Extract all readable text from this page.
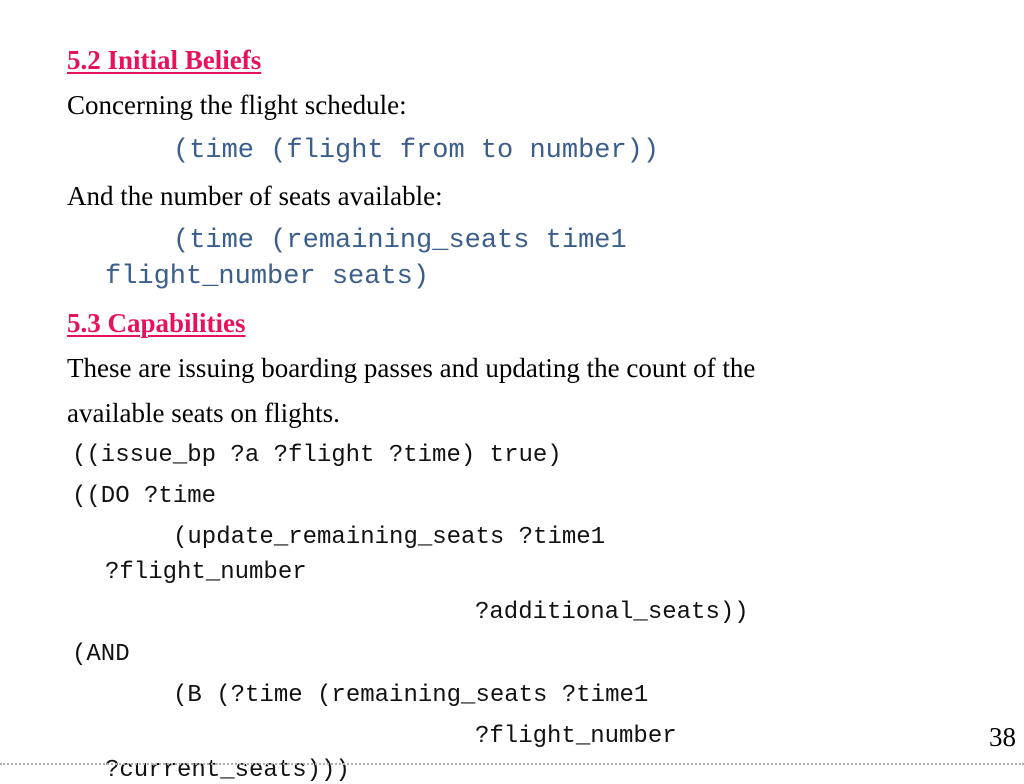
5.2 Initial Beliefs
Concerning the flight schedule:
(time (flight from to number))
And the number of seats available:
(time (remaining_seats time1
flight_number seats)
5.3 Capabilities
These are issuing boarding passes and updating the count of the
available seats on flights.
((issue_bp ?a ?flight ?time) true)
((DO ?time
(update_remaining_seats ?time1
?flight_number
?additional_seats))
(AND
(B (?time (remaining_seats ?time1
?flight_number
?current_seats)))
38
